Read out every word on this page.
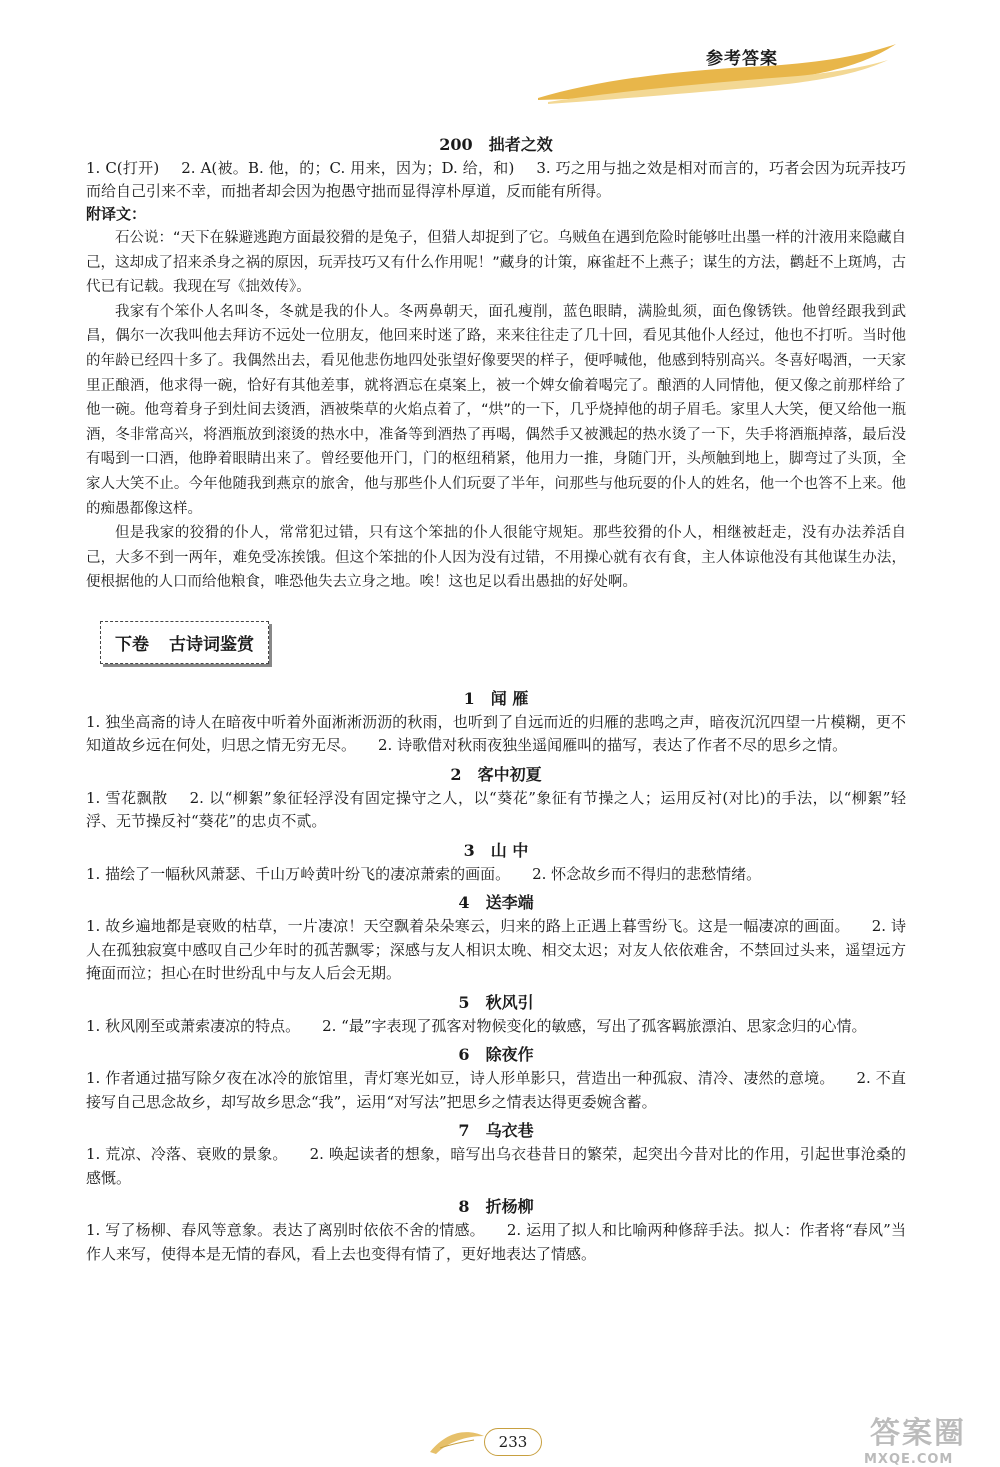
参考答案
200 拙者之效

1. C(打开) 2. A(被。B. 他，的；C. 用来，因为；D. 给，和) 3. 巧之用与拙之效是相对而言的，巧者会因为玩弄技巧而给自己引来不幸，而拙者却会因为抱愚守拙而显得淳朴厚道，反而能有所得。

附译文：

石公说：“天下在躲避逃跑方面最狡猾的是兔子，但猎人却捉到了它。乌贼鱼在遇到危险时能够吐出墨一样的汁液用来隐藏自己，这却成了招来杀身之祸的原因，玩弄技巧又有什么作用呢！”藏身的计策，麻雀赶不上燕子；谋生的方法，鹳赶不上斑鸠，古代已有记载。我现在写《拙效传》。

我家有个笨仆人名叫冬，冬就是我的仆人。冬两鼻朝天，面孔瘦削，蓝色眼睛，满脸虬须，面色像锈铁。他曾经跟我到武昌，偶尔一次我叫他去拜访不远处一位朋友，他回来时迷了路，来来往往走了几十回，看见其他仆人经过，他也不打听。当时他的年龄已经四十多了。我偶然出去，看见他悲伤地四处张望好像要哭的样子，便呼喊他，他感到特别高兴。冬喜好喝酒，一天家里正酿酒，他求得一碗，恰好有其他差事，就将酒忘在桌案上，被一个婢女偷着喝完了。酿酒的人同情他，便又像之前那样给了他一碗。他弯着身子到灶间去烫酒，酒被柴草的火焰点着了，“烘”的一下，几乎烧掉他的胡子眉毛。家里人大笑，便又给他一瓶酒，冬非常高兴，将酒瓶放到滚烫的热水中，准备等到酒热了再喝，偶然手又被溅起的热水烫了一下，失手将酒瓶掉落，最后没有喝到一口酒，他睁着眼睛出来了。曾经要他开门，门的枢纽稍紧，他用力一推，身随门开，头颅触到地上，脚弯过了头顶，全家人大笑不止。今年他随我到燕京的旅舍，他与那些仆人们玩耍了半年，问那些与他玩耍的仆人的姓名，他一个也答不上来。他的痴愚都像这样。

但是我家的狡猾的仆人，常常犯过错，只有这个笨拙的仆人很能守规矩。那些狡猾的仆人，相继被赶走，没有办法养活自己，大多不到一两年，难免受冻挨饿。但这个笨拙的仆人因为没有过错，不用操心就有衣有食，主人体谅他没有其他谋生办法，便根据他的人口而给他粮食，唯恐他失去立身之地。唉！这也足以看出愚拙的好处啊。

下卷 古诗词鉴赏
1 闻 雁

1. 独坐高斋的诗人在暗夜中听着外面淅淅沥沥的秋雨，也听到了自远而近的归雁的悲鸣之声，暗夜沉沉四望一片模糊，更不知道故乡远在何处，归思之情无穷无尽。 2. 诗歌借对秋雨夜独坐遥闻雁叫的描写，表达了作者不尽的思乡之情。

2 客中初夏

1. 雪花飘散 2. 以“柳絮”象征轻浮没有固定操守之人，以“葵花”象征有节操之人；运用反衬(对比)的手法，以“柳絮”轻浮、无节操反衬“葵花”的忠贞不贰。

3 山 中

1. 描绘了一幅秋风萧瑟、千山万岭黄叶纷飞的凄凉萧索的画面。 2. 怀念故乡而不得归的悲愁情绪。

4 送李端

1. 故乡遍地都是衰败的枯草，一片凄凉！天空飘着朵朵寒云，归来的路上正遇上暮雪纷飞。这是一幅凄凉的画面。 2. 诗人在孤独寂寞中感叹自己少年时的孤苦飘零；深感与友人相识太晚、相交太迟；对友人依依难舍，不禁回过头来，遥望远方掩面而泣；担心在时世纷乱中与友人后会无期。

5 秋风引

1. 秋风刚至或萧索凄凉的特点。 2. “最”字表现了孤客对物候变化的敏感，写出了孤客羁旅漂泊、思家念归的心情。

6 除夜作

1. 作者通过描写除夕夜在冰冷的旅馆里，青灯寒光如豆，诗人形单影只，营造出一种孤寂、清冷、凄然的意境。 2. 不直接写自己思念故乡，却写故乡思念“我”，运用“对写法”把思乡之情表达得更委婉含蓄。

7 乌衣巷

1. 荒凉、冷落、衰败的景象。 2. 唤起读者的想象，暗写出乌衣巷昔日的繁荣，起突出今昔对比的作用，引起世事沧桑的感慨。

8 折杨柳

1. 写了杨柳、春风等意象。表达了离别时依依不舍的情感。 2. 运用了拟人和比喻两种修辞手法。拟人：作者将“春风”当作人来写，使得本是无情的春风，看上去也变得有情了，更好地表达了情感。

233	答案圈
MXQE.COM
